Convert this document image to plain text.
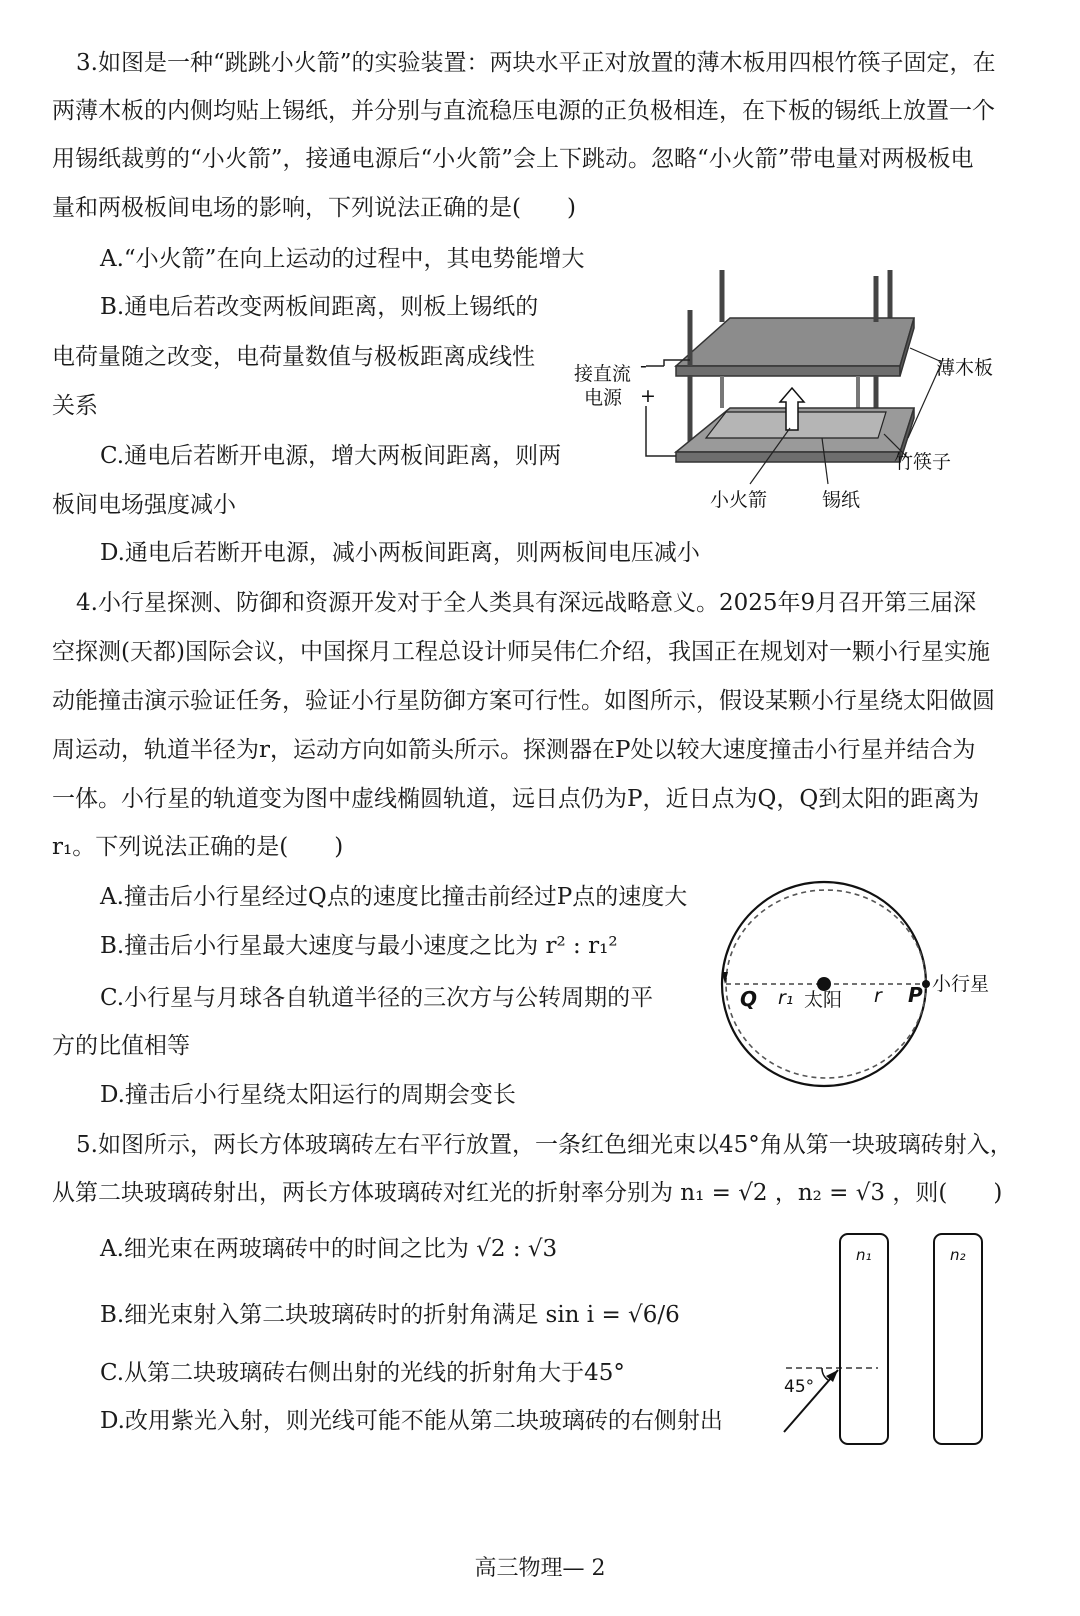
3.如图是一种“跳跳小火箭”的实验装置：两块水平正对放置的薄木板用四根竹筷子固定，在
两薄木板的内侧均贴上锡纸，并分别与直流稳压电源的正负极相连，在下板的锡纸上放置一个
用锡纸裁剪的“小火箭”，接通电源后“小火箭”会上下跳动。忽略“小火箭”带电量对两极板电
量和两极板间电场的影响，下列说法正确的是(　　)
A.“小火箭”在向上运动的过程中，其电势能增大
B.通电后若改变两板间距离，则板上锡纸的
电荷量随之改变，电荷量数值与极板距离成线性
关系
C.通电后若断开电源，增大两板间距离，则两
板间电场强度减小
D.通电后若断开电源，减小两板间距离，则两板间电压减小
接直流
电源
-
+
薄木板
竹筷子
小火箭	锡纸
4.小行星探测、防御和资源开发对于全人类具有深远战略意义。2025年9月召开第三届深
空探测(天都)国际会议，中国探月工程总设计师吴伟仁介绍，我国正在规划对一颗小行星实施
动能撞击演示验证任务，验证小行星防御方案可行性。如图所示，假设某颗小行星绕太阳做圆
周运动，轨道半径为r，运动方向如箭头所示。探测器在P处以较大速度撞击小行星并结合为
一体。小行星的轨道变为图中虚线椭圆轨道，远日点仍为P，近日点为Q，Q到太阳的距离为
r₁。下列说法正确的是(　　)
A.撞击后小行星经过Q点的速度比撞击前经过P点的速度大
B.撞击后小行星最大速度与最小速度之比为 r² : r₁²
C.小行星与月球各自轨道半径的三次方与公转周期的平
方的比值相等
D.撞击后小行星绕太阳运行的周期会变长
Q r₁ 太阳 r P 小行星
5.如图所示，两长方体玻璃砖左右平行放置，一条红色细光束以45°角从第一块玻璃砖射入，
从第二块玻璃砖射出，两长方体玻璃砖对红光的折射率分别为 n₁ = √2 ，n₂ = √3 ，则(　　)
A.细光束在两玻璃砖中的时间之比为 √2 : √3
B.细光束射入第二块玻璃砖时的折射角满足 sin i = √6/6
C.从第二块玻璃砖右侧出射的光线的折射角大于45°
D.改用紫光入射，则光线可能不能从第二块玻璃砖的右侧射出
n₁	n₂
45°
高三物理— 2
